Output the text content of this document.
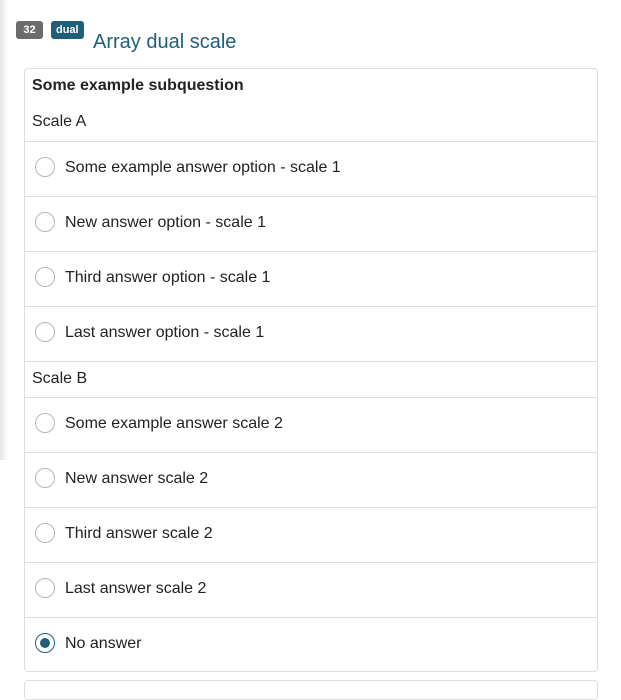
32	dual
Array dual scale
Some example subquestion
Scale A
Some example answer option - scale 1
New answer option - scale 1
Third answer option - scale 1
Last answer option - scale 1
Scale B
Some example answer scale 2
New answer scale 2
Third answer scale 2
Last answer scale 2
No answer
